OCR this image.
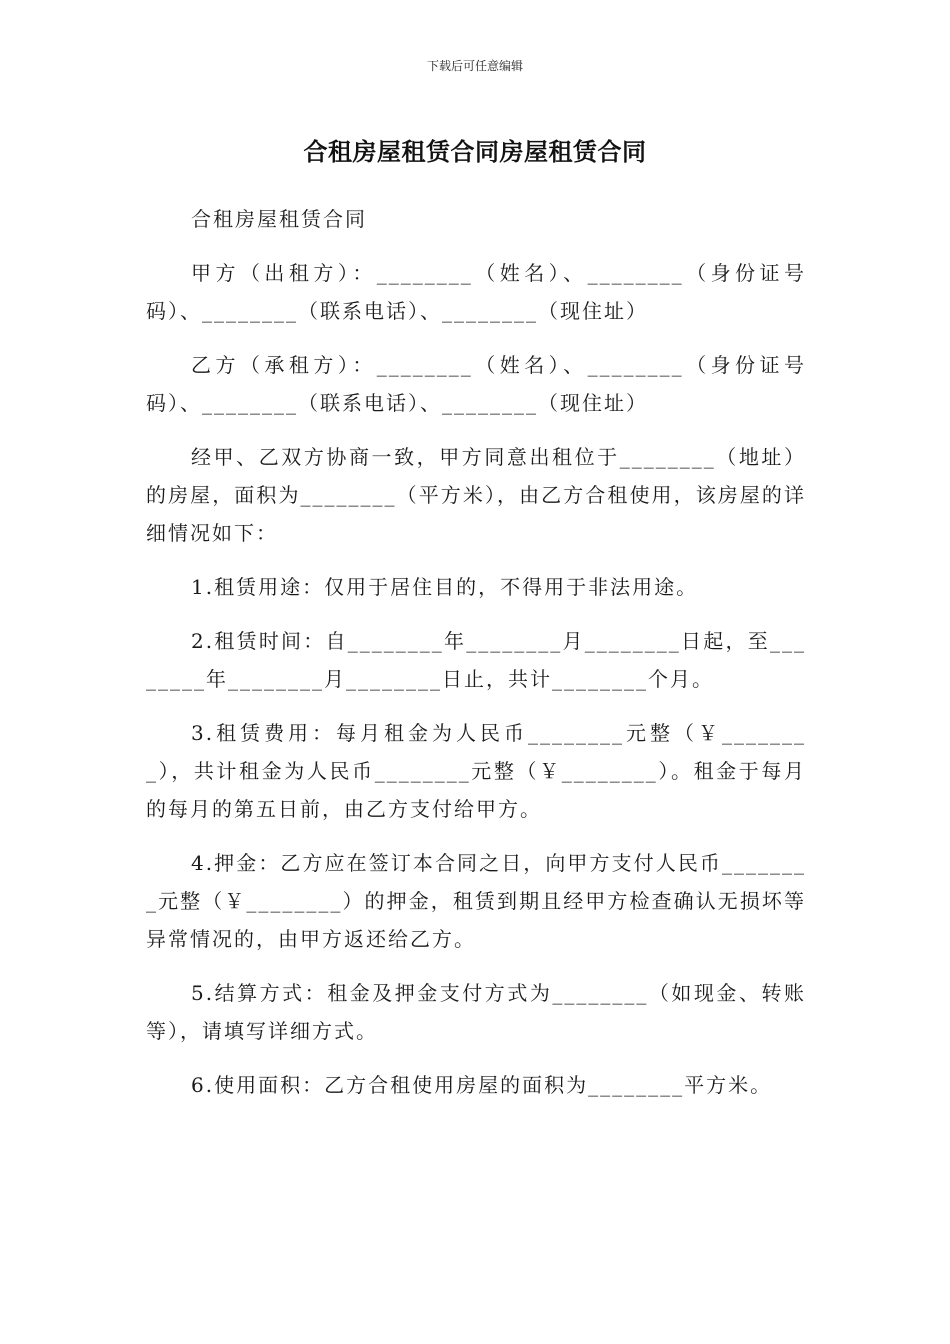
下载后可任意编辑
合租房屋租赁合同房屋租赁合同

合租房屋租赁合同

甲方（出租方）：________（姓名）、________（身份证号码）、________（联系电话）、________（现住址）

乙方（承租方）：________（姓名）、________（身份证号码）、________（联系电话）、________（现住址）

经甲、乙双方协商一致，甲方同意出租位于________（地址）的房屋，面积为________（平方米），由乙方合租使用，该房屋的详细情况如下：

1.租赁用途：仅用于居住目的，不得用于非法用途。

2.租赁时间：自________年________月________日起，至________年________月________日止，共计________个月。

3.租赁费用：每月租金为人民币________元整（￥________），共计租金为人民币________元整（￥________）。租金于每月的每月的第五日前，由乙方支付给甲方。

4.押金：乙方应在签订本合同之日，向甲方支付人民币________元整（￥________）的押金，租赁到期且经甲方检查确认无损坏等异常情况的，由甲方返还给乙方。

5.结算方式：租金及押金支付方式为________（如现金、转账等），请填写详细方式。

6.使用面积：乙方合租使用房屋的面积为________平方米。
